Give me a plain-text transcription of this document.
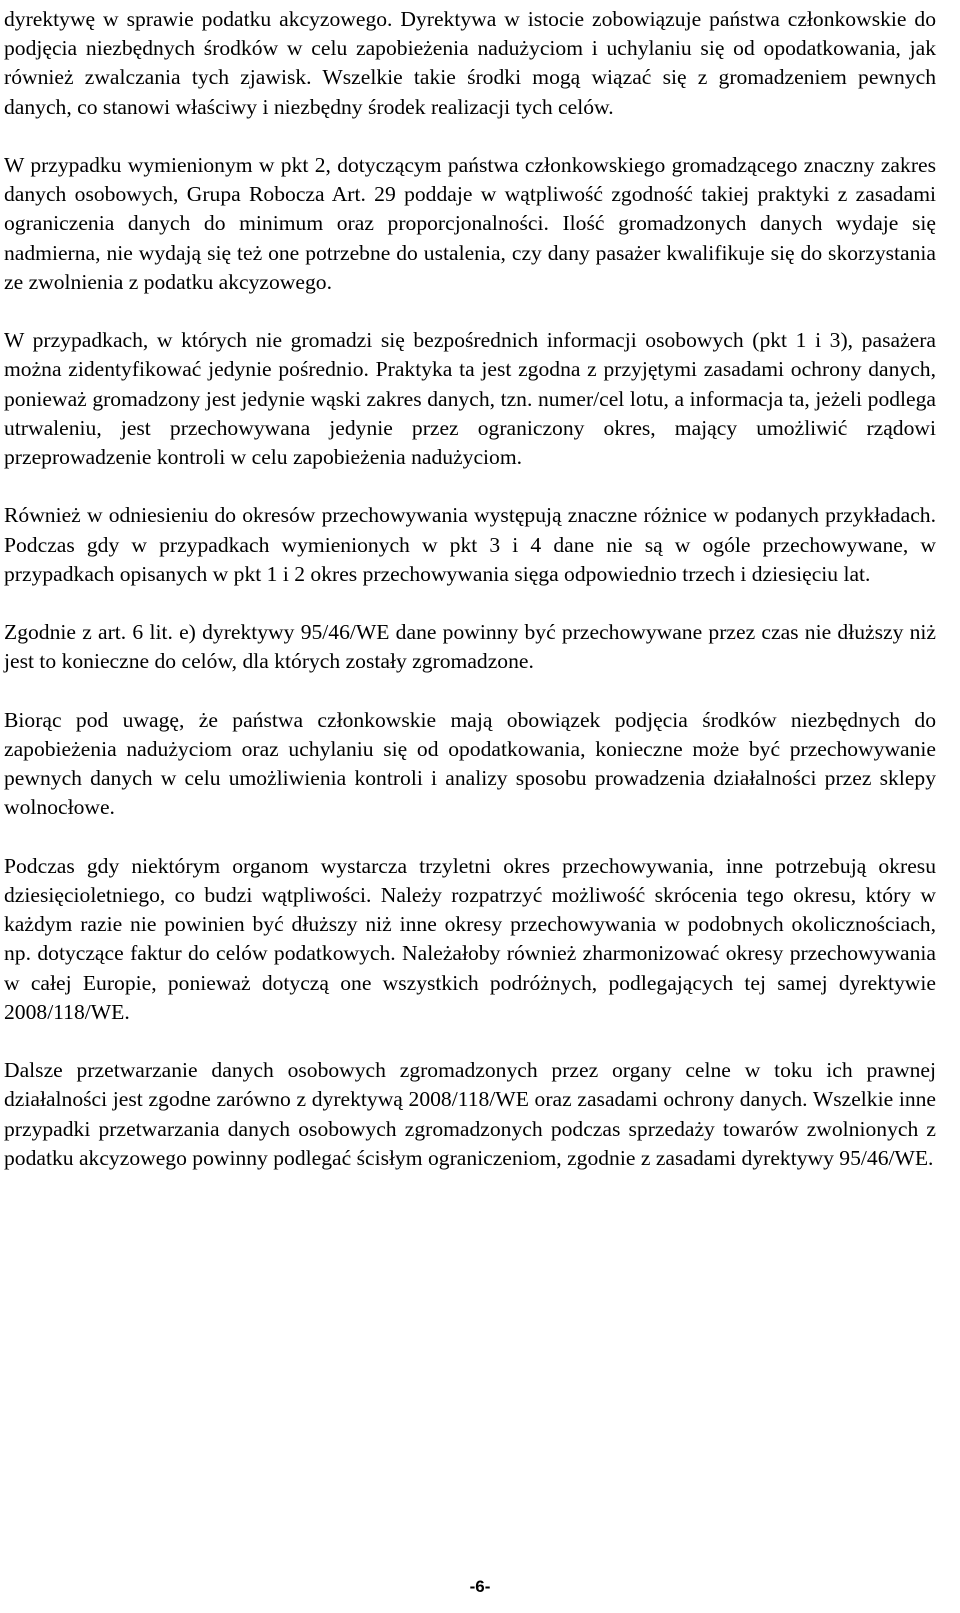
dyrektywę w sprawie podatku akcyzowego. Dyrektywa w istocie zobowiązuje państwa członkowskie do podjęcia niezbędnych środków w celu zapobieżenia nadużyciom i uchylaniu się od opodatkowania, jak również zwalczania tych zjawisk. Wszelkie takie środki mogą wiązać się z gromadzeniem pewnych danych, co stanowi właściwy i niezbędny środek realizacji tych celów.

W przypadku wymienionym w pkt 2, dotyczącym państwa członkowskiego gromadzącego znaczny zakres danych osobowych, Grupa Robocza Art. 29 poddaje w wątpliwość zgodność takiej praktyki z zasadami ograniczenia danych do minimum oraz proporcjonalności. Ilość gromadzonych danych wydaje się nadmierna, nie wydają się też one potrzebne do ustalenia, czy dany pasażer kwalifikuje się do skorzystania ze zwolnienia z podatku akcyzowego.

W przypadkach, w których nie gromadzi się bezpośrednich informacji osobowych (pkt 1 i 3), pasażera można zidentyfikować jedynie pośrednio. Praktyka ta jest zgodna z przyjętymi zasadami ochrony danych, ponieważ gromadzony jest jedynie wąski zakres danych, tzn. numer/cel lotu, a informacja ta, jeżeli podlega utrwaleniu, jest przechowywana jedynie przez ograniczony okres, mający umożliwić rządowi przeprowadzenie kontroli w celu zapobieżenia nadużyciom.

Również w odniesieniu do okresów przechowywania występują znaczne różnice w podanych przykładach. Podczas gdy w przypadkach wymienionych w pkt 3 i 4 dane nie są w ogóle przechowywane, w przypadkach opisanych w pkt 1 i 2 okres przechowywania sięga odpowiednio trzech i dziesięciu lat.

Zgodnie z art. 6 lit. e) dyrektywy 95/46/WE dane powinny być przechowywane przez czas nie dłuższy niż jest to konieczne do celów, dla których zostały zgromadzone.

Biorąc pod uwagę, że państwa członkowskie mają obowiązek podjęcia środków niezbędnych do zapobieżenia nadużyciom oraz uchylaniu się od opodatkowania, konieczne może być przechowywanie pewnych danych w celu umożliwienia kontroli i analizy sposobu prowadzenia działalności przez sklepy wolnocłowe.

Podczas gdy niektórym organom wystarcza trzyletni okres przechowywania, inne potrzebują okresu dziesięcioletniego, co budzi wątpliwości. Należy rozpatrzyć możliwość skrócenia tego okresu, który w każdym razie nie powinien być dłuższy niż inne okresy przechowywania w podobnych okolicznościach, np. dotyczące faktur do celów podatkowych. Należałoby również zharmonizować okresy przechowywania w całej Europie, ponieważ dotyczą one wszystkich podróżnych, podlegających tej samej dyrektywie 2008/118/WE.

Dalsze przetwarzanie danych osobowych zgromadzonych przez organy celne w toku ich prawnej działalności jest zgodne zarówno z dyrektywą 2008/118/WE oraz zasadami ochrony danych. Wszelkie inne przypadki przetwarzania danych osobowych zgromadzonych podczas sprzedaży towarów zwolnionych z podatku akcyzowego powinny podlegać ścisłym ograniczeniom, zgodnie z zasadami dyrektywy 95/46/WE.

-6-
